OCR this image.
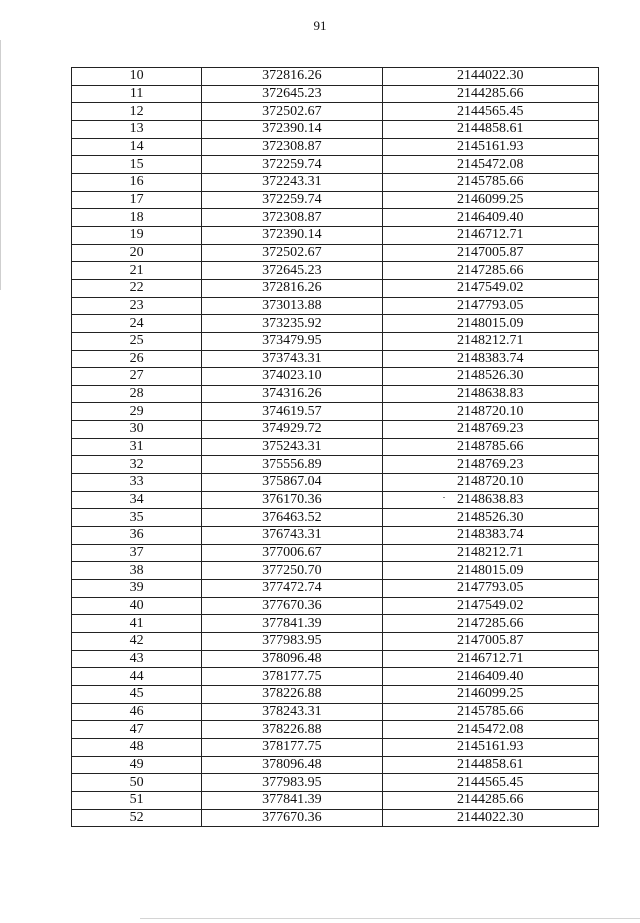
91
10	372816.26	2144022.30
11	372645.23	2144285.66
12	372502.67	2144565.45
13	372390.14	2144858.61
14	372308.87	2145161.93
15	372259.74	2145472.08
16	372243.31	2145785.66
17	372259.74	2146099.25
18	372308.87	2146409.40
19	372390.14	2146712.71
20	372502.67	2147005.87
21	372645.23	2147285.66
22	372816.26	2147549.02
23	373013.88	2147793.05
24	373235.92	2148015.09
25	373479.95	2148212.71
26	373743.31	2148383.74
27	374023.10	2148526.30
28	374316.26	2148638.83
29	374619.57	2148720.10
30	374929.72	2148769.23
31	375243.31	2148785.66
32	375556.89	2148769.23
33	375867.04	2148720.10
34	376170.36	2148638.83
35	376463.52	2148526.30
36	376743.31	2148383.74
37	377006.67	2148212.71
38	377250.70	2148015.09
39	377472.74	2147793.05
40	377670.36	2147549.02
41	377841.39	2147285.66
42	377983.95	2147005.87
43	378096.48	2146712.71
44	378177.75	2146409.40
45	378226.88	2146099.25
46	378243.31	2145785.66
47	378226.88	2145472.08
48	378177.75	2145161.93
49	378096.48	2144858.61
50	377983.95	2144565.45
51	377841.39	2144285.66
52	377670.36	2144022.30
